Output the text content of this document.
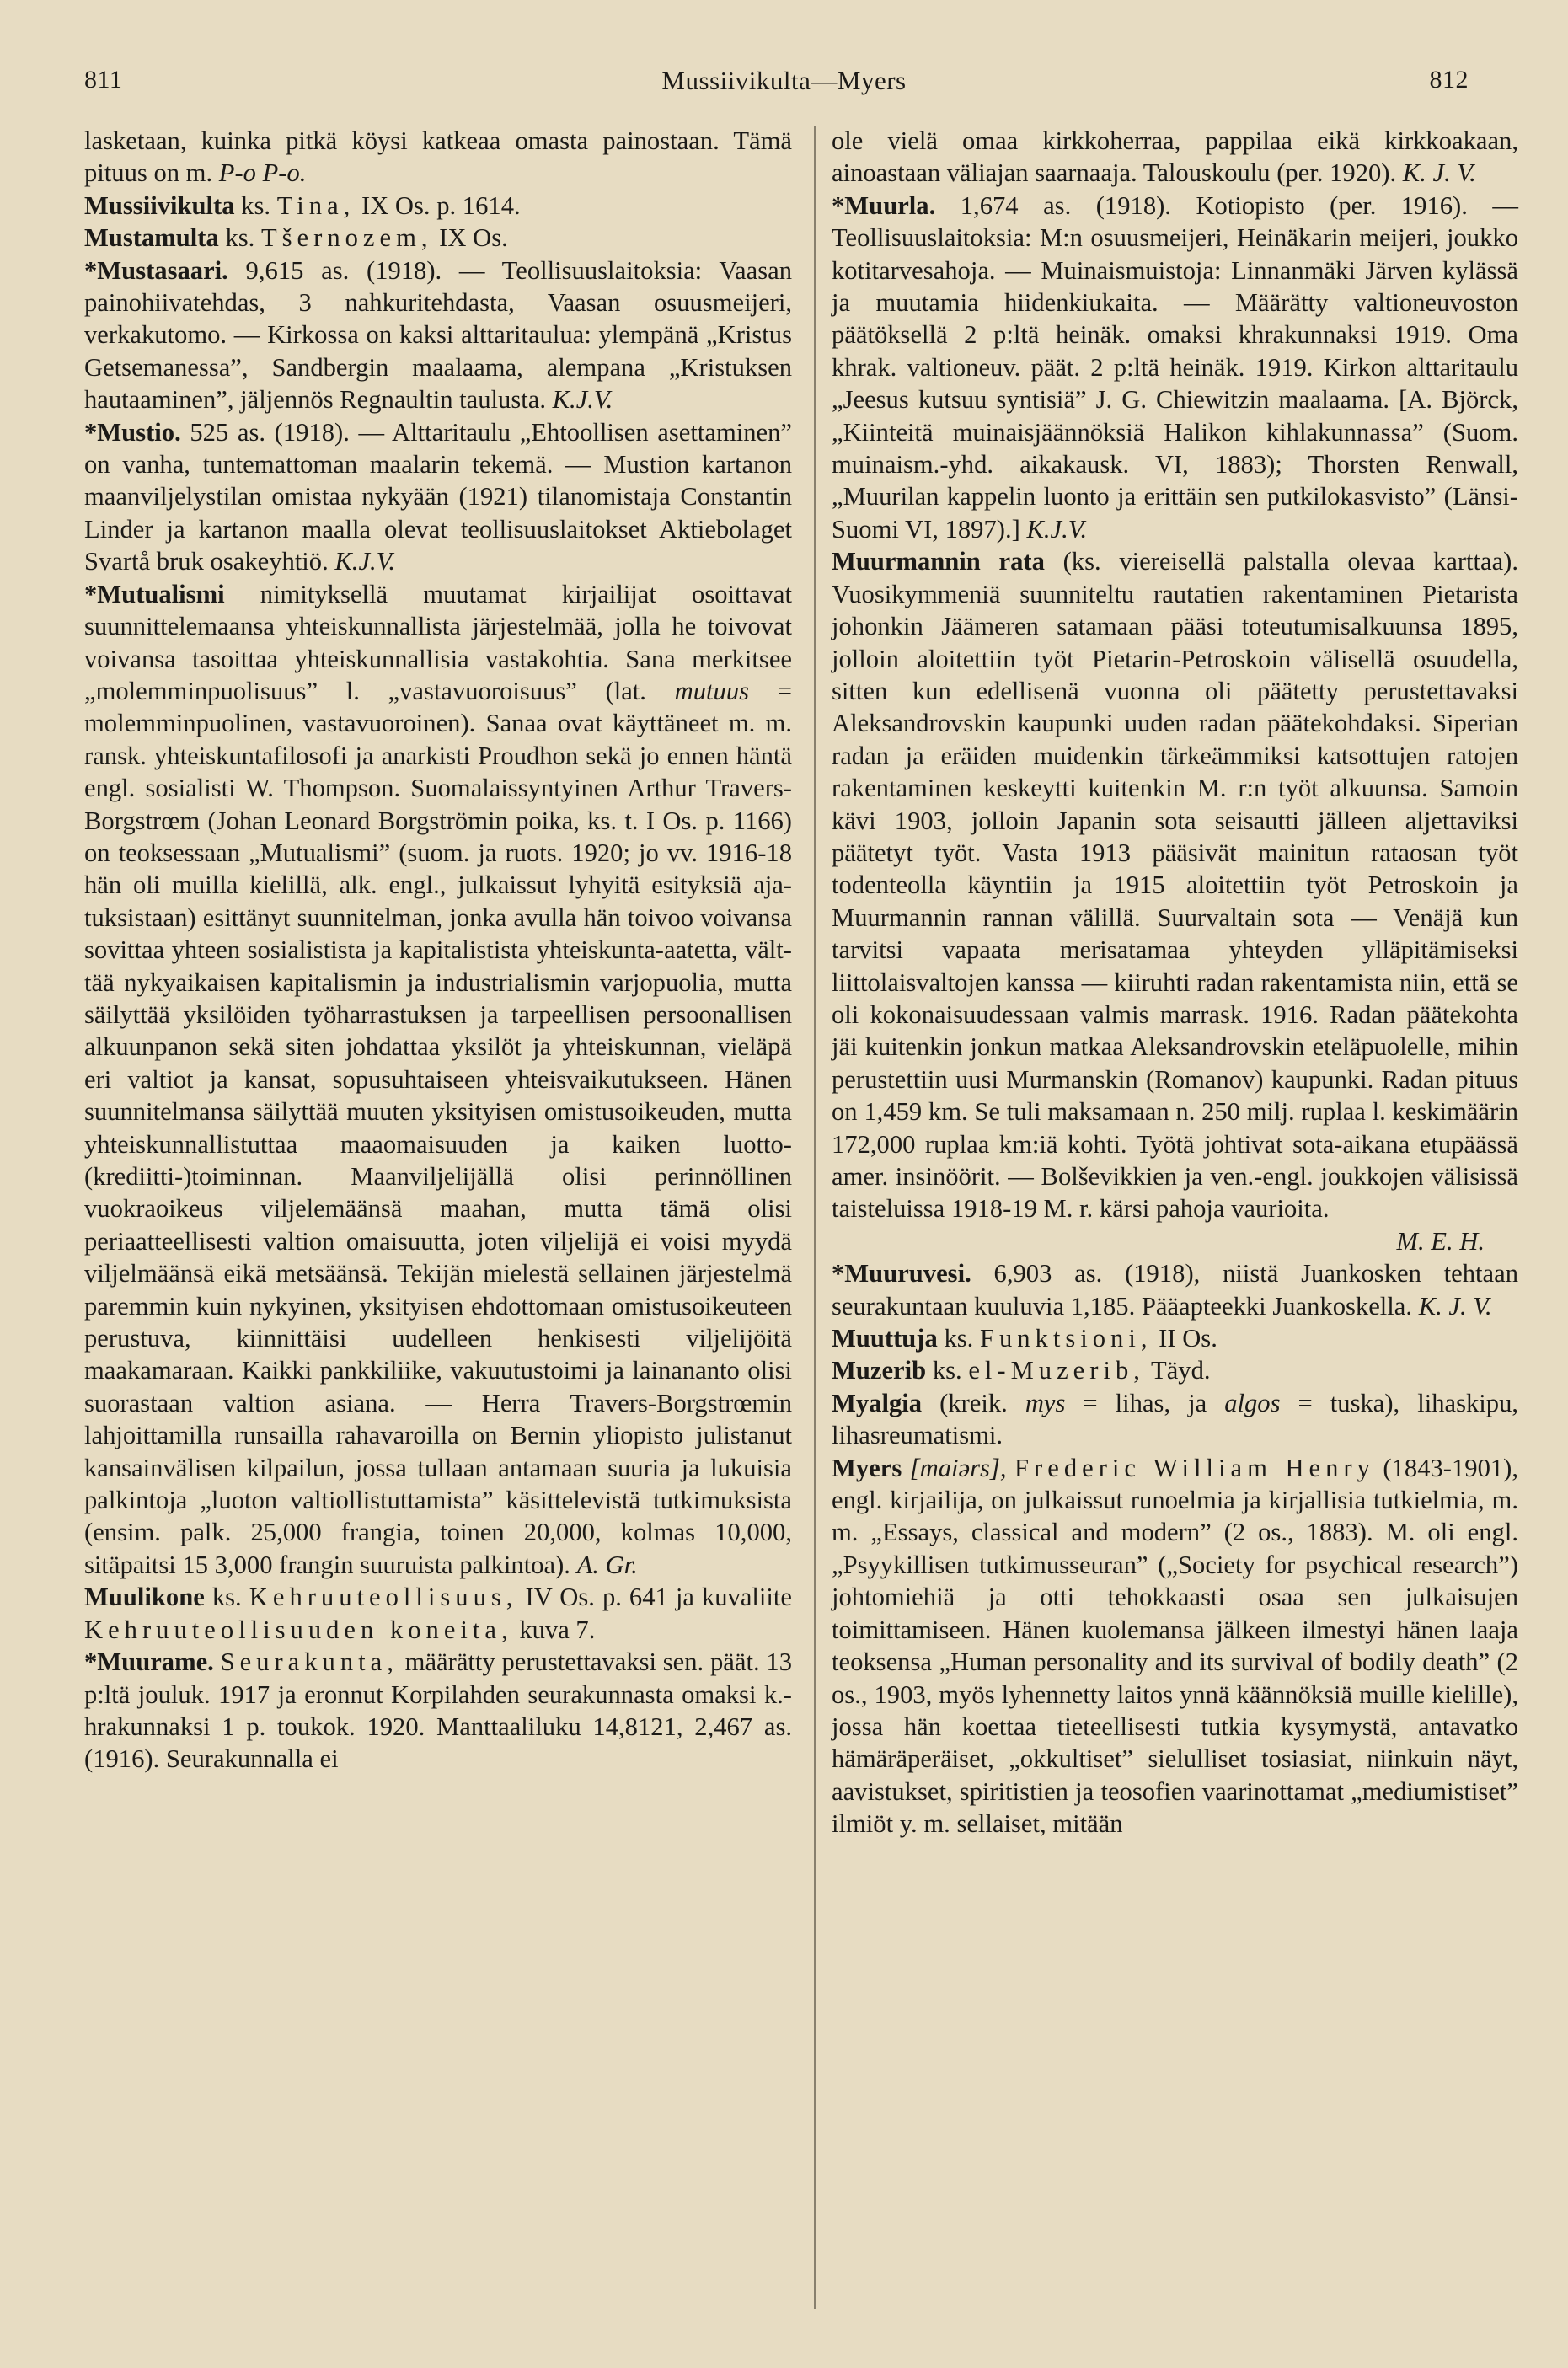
811	Mussiivikulta—Myers	812

lasketaan, kuinka pitkä köysi katkeaa omasta painostaan. Tämä pituus on m. P-o P-o.

Mussiivikulta ks. Tina, IX Os. p. 1614.

Mustamulta ks. Tšernozem, IX Os.

*Mustasaari. 9,615 as. (1918). — Teollisuuslaitoksia: Vaasan painohiivatehdas, 3 nahkuritehdasta, Vaasan osuusmeijeri, verkakutomo. — Kirkossa on kaksi alttaritaulua: ylempänä „Kristus Getsemanessa”, Sandbergin maalaama, alempana „Kristuksen hautaaminen”, jäljennös Regnaultin taulusta. K.J.V.

*Mustio. 525 as. (1918). — Alttaritaulu „Ehtoollisen asettaminen” on vanha, tuntemattoman maalarin tekemä. — Mustion kartanon maanviljelystilan omistaa nykyään (1921) tilanomistaja Constantin Linder ja kartanon maalla olevat teollisuuslaitokset Aktiebolaget Svartå bruk osakeyhtiö. K.J.V.

*Mutualismi nimityksellä muutamat kirjailijat osoittavat suunnittelemaansa yhteiskunnallista järjestelmää, jolla he toivovat voivansa tasoittaa yhteiskunnallisia vastakohtia. Sana merkitsee „molemminpuolisuus” l. „vastavuoroisuus” (lat. mutuus = molemminpuolinen, vastavuoroinen). Sanaa ovat käyttäneet m. m. ransk. yhteiskuntafilosofi ja anarkisti Proudhon sekä jo ennen häntä engl. sosialisti W. Thompson. Suomalaissyntyinen Arthur Travers-Borgstrœm (Johan Leonard Borgströmin poika, ks. t. I Os. p. 1166) on teoksessaan „Mutualismi” (suom. ja ruots. 1920; jo vv. 1916-18 hän oli muilla kielillä, alk. engl., julkaissut lyhyitä esityksiä ajatuksistaan) esittänyt suunnitelman, jonka avulla hän toivoo voivansa sovittaa yhteen sosialistista ja kapitalistista yhteiskunta-aatetta, välttää nykyaikaisen kapitalismin ja industrialismin varjopuolia, mutta säilyttää yksilöiden työharrastuksen ja tarpeellisen persoonallisen alkuunpanon sekä siten johdattaa yksilöt ja yhteiskunnan, vieläpä eri valtiot ja kansat, sopusuhtaiseen yhteisvaikutukseen. Hänen suunnitelmansa säilyttää muuten yksityisen omistusoikeuden, mutta yhteiskunnallistuttaa maaomaisuuden ja kaiken luotto-(krediitti-)toiminnan. Maanviljelijällä olisi perinnöllinen vuokraoikeus viljelemäänsä maahan, mutta tämä olisi periaatteellisesti valtion omaisuutta, joten viljelijä ei voisi myydä viljelmäänsä eikä metsäänsä. Tekijän mielestä sellainen järjestelmä paremmin kuin nykyinen, yksityisen ehdottomaan omistusoikeuteen perustuva, kiinnittäisi uudelleen henkisesti viljelijöitä maakamaraan. Kaikki pankkiliike, vakuutustoimi ja lainananto olisi suorastaan valtion asiana. — Herra Travers-Borgstrœmin lahjoittamilla runsailla rahavaroilla on Bernin yliopisto julistanut kansainvälisen kilpailun, jossa tullaan antamaan suuria ja lukuisia palkintoja „luoton valtiollistuttamista” käsittelevistä tutkimuksista (ensim. palk. 25,000 frangia, toinen 20,000, kolmas 10,000, sitäpaitsi 15 3,000 frangin suuruista palkintoa). A. Gr.

Muulikone ks. Kehruuteollisuus, IV Os. p. 641 ja kuvaliite Kehruuteollisuuden koneita, kuva 7.

*Muurame. Seurakunta, määrätty perustettavaksi sen. päät. 13 p:ltä jouluk. 1917 ja eronnut Korpilahden seurakunnasta omaksi k.-hrakunnaksi 1 p. toukok. 1920. Manttaaliluku 14,8121, 2,467 as. (1916). Seurakunnalla ei

ole vielä omaa kirkkoherraa, pappilaa eikä kirkkoakaan, ainoastaan väliajan saarnaaja. Talouskoulu (per. 1920). K. J. V.

*Muurla. 1,674 as. (1918). Kotiopisto (per. 1916). — Teollisuuslaitoksia: M:n osuusmeijeri, Heinäkarin meijeri, joukko kotitarvesahoja. — Muinaismuistoja: Linnanmäki Järven kylässä ja muutamia hiidenkiukaita. — Määrätty valtioneuvoston päätöksellä 2 p:ltä heinäk. omaksi khrakunnaksi 1919. Oma khrak. valtioneuv. päät. 2 p:ltä heinäk. 1919. Kirkon alttaritaulu „Jeesus kutsuu syntisiä” J. G. Chiewitzin maalaama. [A. Björck, „Kiinteitä muinaisjäännöksiä Halikon kihlakunnassa” (Suom. muinaism.-yhd. aikakausk. VI, 1883); Thorsten Renwall, „Muurilan kappelin luonto ja erittäin sen putkilokasvisto” (Länsi-Suomi VI, 1897).] K.J.V.

Muurmannin rata (ks. viereisellä palstalla olevaa karttaa). Vuosikymmeniä suunniteltu rautatien rakentaminen Pietarista johonkin Jäämeren satamaan pääsi toteutumisalkuunsa 1895, jolloin aloitettiin työt Pietarin-Petroskoin välisellä osuudella, sitten kun edellisenä vuonna oli päätetty perustettavaksi Aleksandrovskin kaupunki uuden radan päätekohdaksi. Siperian radan ja eräiden muidenkin tärkeämmiksi katsottujen ratojen rakentaminen keskeytti kuitenkin M. r:n työt alkuunsa. Samoin kävi 1903, jolloin Japanin sota seisautti jälleen aljettaviksi päätetyt työt. Vasta 1913 pääsivät mainitun rataosan työt todenteolla käyntiin ja 1915 aloitettiin työt Petroskoin ja Muurmannin rannan välillä. Suurvaltain sota — Venäjä kun tarvitsi vapaata merisatamaa yhteyden ylläpitämiseksi liittolaisvaltojen kanssa — kiiruhti radan rakentamista niin, että se oli kokonaisuudessaan valmis marrask. 1916. Radan päätekohta jäi kuitenkin jonkun matkaa Aleksandrovskin eteläpuolelle, mihin perustettiin uusi Murmanskin (Romanov) kaupunki. Radan pituus on 1,459 km. Se tuli maksamaan n. 250 milj. ruplaa l. keskimäärin 172,000 ruplaa km:iä kohti. Työtä johtivat sota-aikana etupäässä amer. insinöörit. — Bolševikkien ja ven.-engl. joukkojen välisissä taisteluissa 1918-19 M. r. kärsi pahoja vaurioita.
M. E. H.

*Muuruvesi. 6,903 as. (1918), niistä Juankosken tehtaan seurakuntaan kuuluvia 1,185. Pääapteekki Juankoskella. K. J. V.

Muuttuja ks. Funktsioni, II Os.

Muzerib ks. el-Muzerib, Täyd.

Myalgia (kreik. mys = lihas, ja algos = tuska), lihaskipu, lihasreumatismi.

Myers [maiərs], Frederic William Henry (1843-1901), engl. kirjailija, on julkaissut runoelmia ja kirjallisia tutkielmia, m. m. „Essays, classical and modern” (2 os., 1883). M. oli engl. „Psyykillisen tutkimusseuran” („Society for psychical research”) johtomiehiä ja otti tehokkaasti osaa sen julkaisujen toimittamiseen. Hänen kuolemansa jälkeen ilmestyi hänen laaja teoksensa „Human personality and its survival of bodily death” (2 os., 1903, myös lyhennetty laitos ynnä käännöksiä muille kielille), jossa hän koettaa tieteellisesti tutkia kysymystä, antavatko hämäräperäiset, „okkultiset” sielulliset tosiasiat, niinkuin näyt, aavistukset, spiritistien ja teosofien vaarinottamat „mediumistiset” ilmiöt y. m. sellaiset, mitään
